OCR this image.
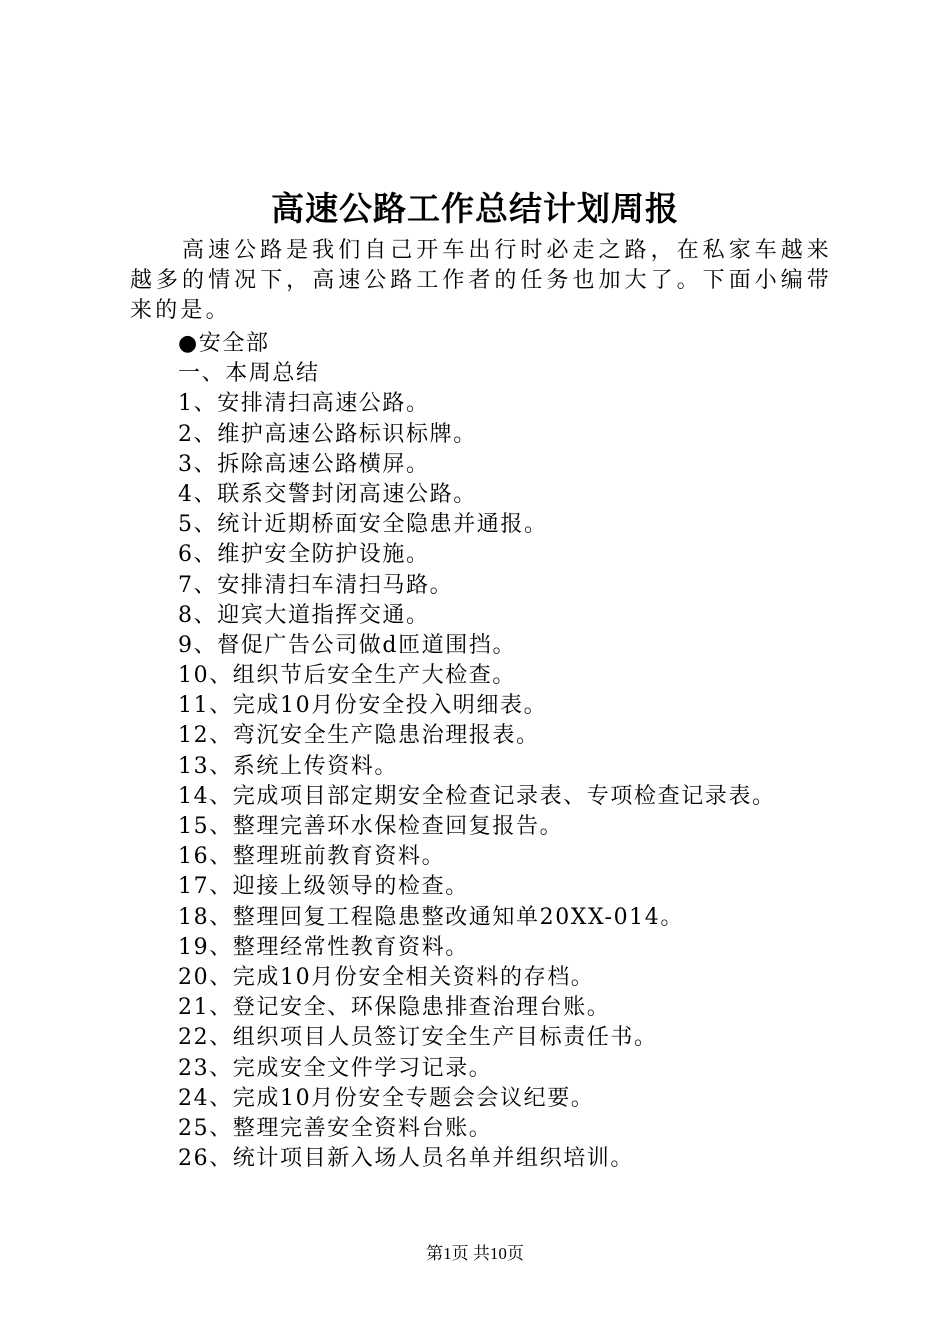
高速公路工作总结计划周报

高速公路是我们自己开车出行时必走之路，在私家车越来越多的情况下，高速公路工作者的任务也加大了。下面小编带来的是。

●安全部
一、本周总结
1、安排清扫高速公路。
2、维护高速公路标识标牌。
3、拆除高速公路横屏。
4、联系交警封闭高速公路。
5、统计近期桥面安全隐患并通报。
6、维护安全防护设施。
7、安排清扫车清扫马路。
8、迎宾大道指挥交通。
9、督促广告公司做d匝道围挡。
10、组织节后安全生产大检查。
11、完成10月份安全投入明细表。
12、弯沉安全生产隐患治理报表。
13、系统上传资料。
14、完成项目部定期安全检查记录表、专项检查记录表。
15、整理完善环水保检查回复报告。
16、整理班前教育资料。
17、迎接上级领导的检查。
18、整理回复工程隐患整改通知单20XX-014。
19、整理经常性教育资料。
20、完成10月份安全相关资料的存档。
21、登记安全、环保隐患排查治理台账。
22、组织项目人员签订安全生产目标责任书。
23、完成安全文件学习记录。
24、完成10月份安全专题会会议纪要。
25、整理完善安全资料台账。
26、统计项目新入场人员名单并组织培训。
第1页 共10页
